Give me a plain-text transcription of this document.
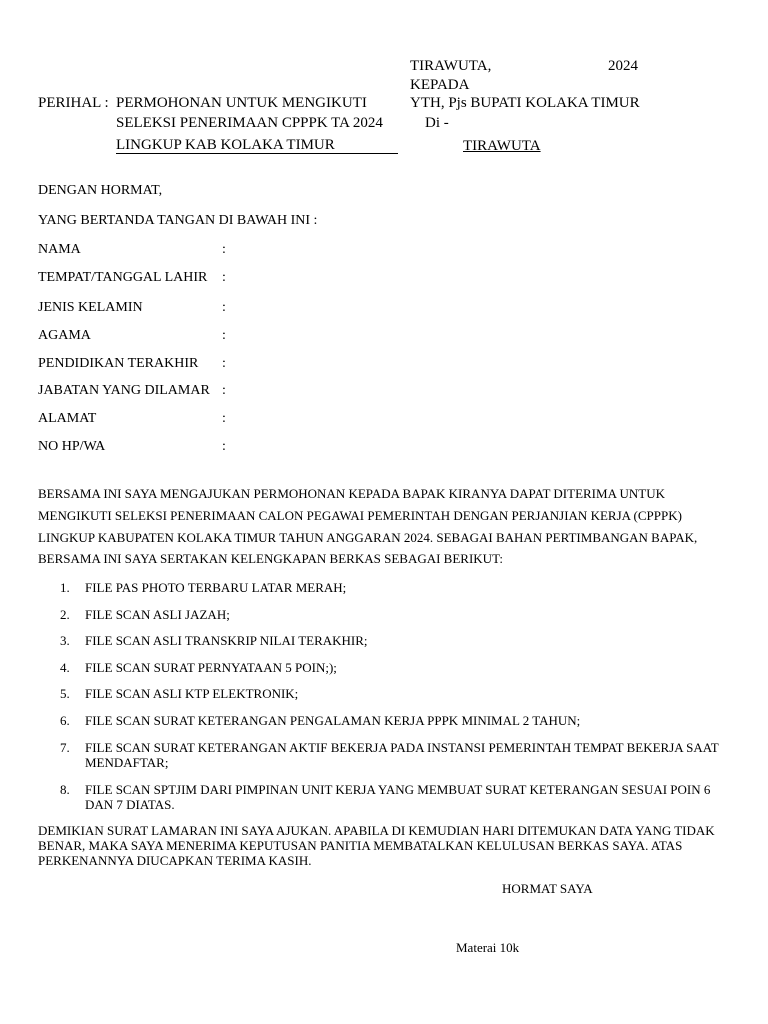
TIRAWUTA,	2024
KEPADA
YTH, Pjs BUPATI KOLAKA TIMUR
Di -
TIRAWUTA
PERIHAL : PERMOHONAN UNTUK MENGIKUTI
SELEKSI PENERIMAAN CPPPK TA 2024
LINGKUP KAB KOLAKA TIMUR
DENGAN HORMAT,
YANG BERTANDA TANGAN DI BAWAH INI :
NAMA	:
TEMPAT/TANGGAL LAHIR :
JENIS KELAMIN	:
AGAMA	:
PENDIDIKAN TERAKHIR :
JABATAN YANG DILAMAR :
ALAMAT	:
NO HP/WA	:
BERSAMA INI SAYA MENGAJUKAN PERMOHONAN KEPADA BAPAK KIRANYA DAPAT DITERIMA UNTUK
MENGIKUTI SELEKSI PENERIMAAN CALON PEGAWAI PEMERINTAH DENGAN PERJANJIAN KERJA (CPPPK)
LINGKUP KABUPATEN KOLAKA TIMUR TAHUN ANGGARAN 2024. SEBAGAI BAHAN PERTIMBANGAN BAPAK,
BERSAMA INI SAYA SERTAKAN KELENGKAPAN BERKAS SEBAGAI BERIKUT:
1.	FILE PAS PHOTO TERBARU LATAR MERAH;
2.	FILE SCAN ASLI JAZAH;
3.	FILE SCAN ASLI TRANSKRIP NILAI TERAKHIR;
4.	FILE SCAN SURAT PERNYATAAN 5 POIN;);
5.	FILE SCAN ASLI KTP ELEKTRONIK;
6.	FILE SCAN SURAT KETERANGAN PENGALAMAN KERJA PPPK MINIMAL 2 TAHUN;
7.	FILE SCAN SURAT KETERANGAN AKTIF BEKERJA PADA INSTANSI PEMERINTAH TEMPAT BEKERJA SAAT MENDAFTAR;
8.	FILE SCAN SPTJIM DARI PIMPINAN UNIT KERJA YANG MEMBUAT SURAT KETERANGAN SESUAI POIN 6 DAN 7 DIATAS.
DEMIKIAN SURAT LAMARAN INI SAYA AJUKAN. APABILA DI KEMUDIAN HARI DITEMUKAN DATA YANG TIDAK
BENAR, MAKA SAYA MENERIMA KEPUTUSAN PANITIA MEMBATALKAN KELULUSAN BERKAS SAYA. ATAS
PERKENANNYA DIUCAPKAN TERIMA KASIH.
HORMAT SAYA
Materai 10k
